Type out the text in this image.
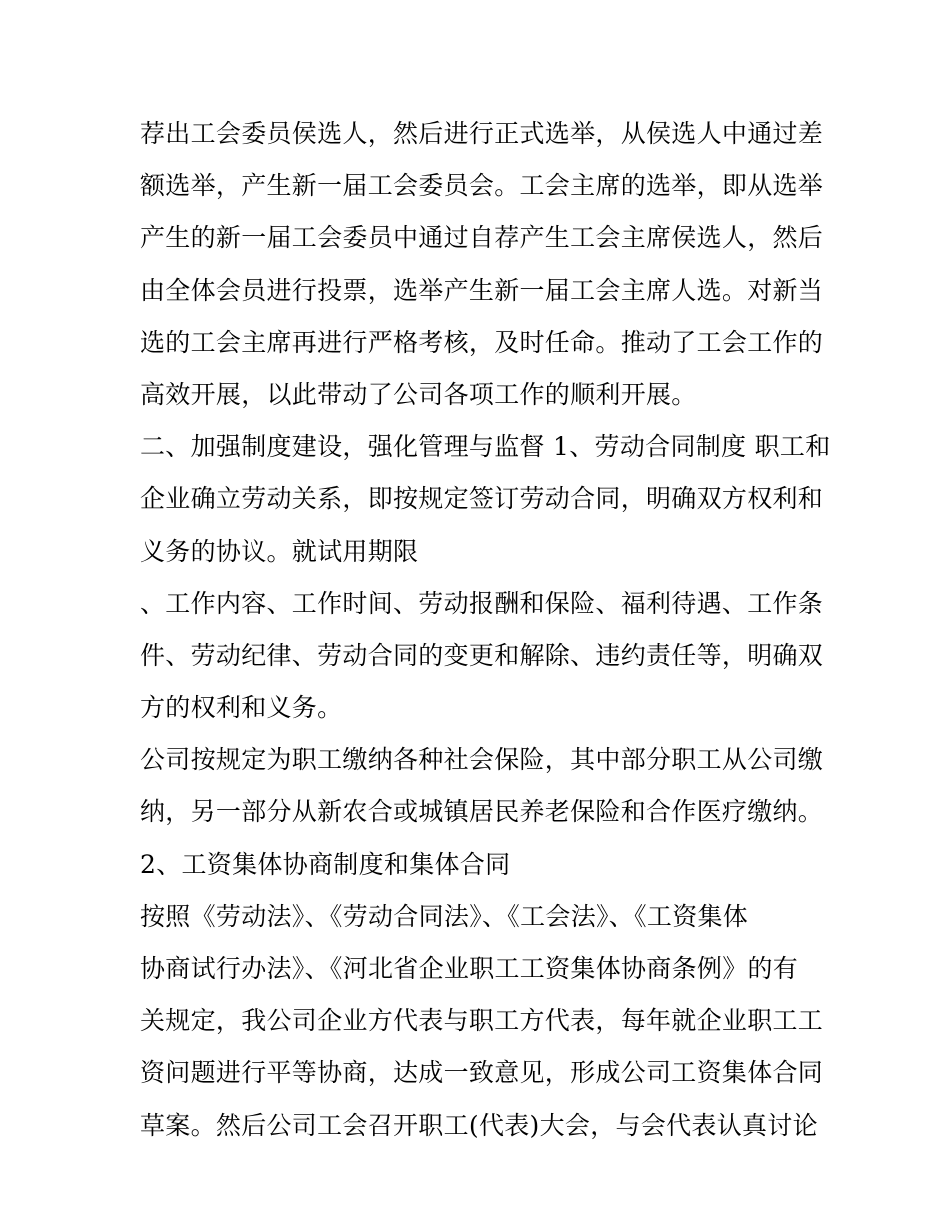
荐出工会委员侯选人，然后进行正式选举，从侯选人中通过差
额选举，产生新一届工会委员会。工会主席的选举，即从选举
产生的新一届工会委员中通过自荐产生工会主席侯选人，然后
由全体会员进行投票，选举产生新一届工会主席人选。对新当
选的工会主席再进行严格考核，及时任命。推动了工会工作的
高效开展，以此带动了公司各项工作的顺利开展。
二、加强制度建设，强化管理与监督 1、劳动合同制度 职工和
企业确立劳动关系，即按规定签订劳动合同，明确双方权利和
义务的协议。就试用期限
、工作内容、工作时间、劳动报酬和保险、福利待遇、工作条
件、劳动纪律、劳动合同的变更和解除、违约责任等，明确双
方的权利和义务。
公司按规定为职工缴纳各种社会保险，其中部分职工从公司缴
纳，另一部分从新农合或城镇居民养老保险和合作医疗缴纳。
2、工资集体协商制度和集体合同
按照《劳动法》、《劳动合同法》、《工会法》、《工资集体
协商试行办法》、《河北省企业职工工资集体协商条例》的有
关规定，我公司企业方代表与职工方代表，每年就企业职工工
资问题进行平等协商，达成一致意见，形成公司工资集体合同
草案。然后公司工会召开职工(代表)大会，与会代表认真讨论
